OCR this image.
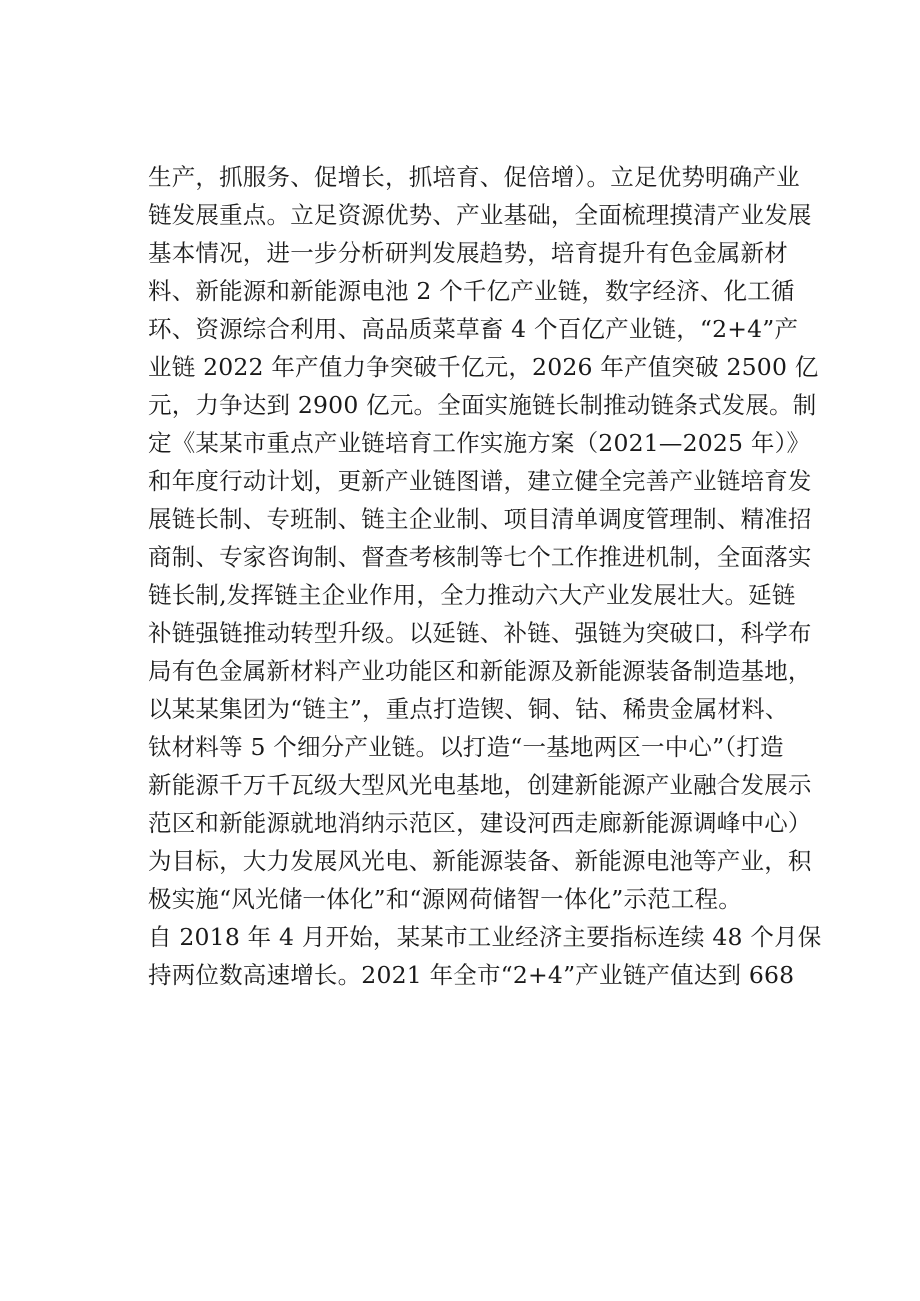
生产，抓服务、促增长，抓培育、促倍增）。立足优势明确产业
链发展重点。立足资源优势、产业基础，全面梳理摸清产业发展
基本情况，进一步分析研判发展趋势，培育提升有色金属新材
料、新能源和新能源电池 2 个千亿产业链，数字经济、化工循
环、资源综合利用、高品质菜草畜 4 个百亿产业链，“2+4”产
业链 2022 年产值力争突破千亿元，2026 年产值突破 2500 亿
元，力争达到 2900 亿元。全面实施链长制推动链条式发展。制
定《某某市重点产业链培育工作实施方案（2021—2025 年）》
和年度行动计划，更新产业链图谱，建立健全完善产业链培育发
展链长制、专班制、链主企业制、项目清单调度管理制、精准招
商制、专家咨询制、督查考核制等七个工作推进机制，全面落实
链长制,发挥链主企业作用，全力推动六大产业发展壮大。延链
补链强链推动转型升级。以延链、补链、强链为突破口，科学布
局有色金属新材料产业功能区和新能源及新能源装备制造基地，
以某某集团为“链主”，重点打造锲、铜、钴、稀贵金属材料、
钛材料等 5 个细分产业链。以打造“一基地两区一中心”（打造
新能源千万千瓦级大型风光电基地，创建新能源产业融合发展示
范区和新能源就地消纳示范区，建设河西走廊新能源调峰中心）
为目标，大力发展风光电、新能源装备、新能源电池等产业，积
极实施“风光储一体化”和“源网荷储智一体化”示范工程。
自 2018 年 4 月开始，某某市工业经济主要指标连续 48 个月保
持两位数高速增长。2021 年全市“2+4”产业链产值达到 668
